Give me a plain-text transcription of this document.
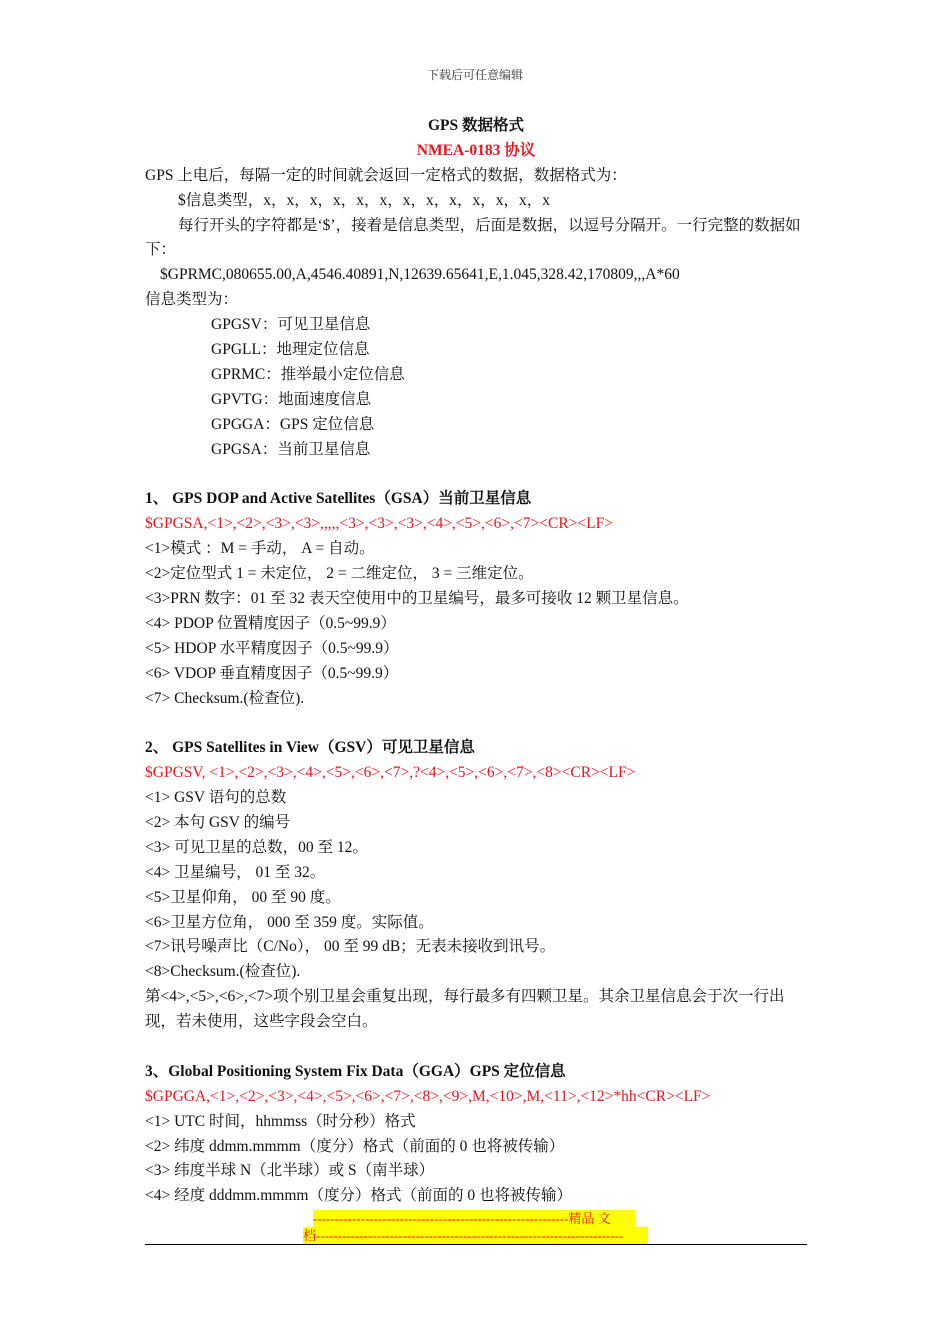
下载后可任意编辑
GPS 数据格式
NMEA-0183 协议
GPS 上电后，每隔一定的时间就会返回一定格式的数据，数据格式为：
$信息类型，x，x，x，x，x，x，x，x，x，x，x，x，x
每行开头的字符都是‘$’，接着是信息类型，后面是数据，以逗号分隔开。一行完整的数据如下：
$GPRMC,080655.00,A,4546.40891,N,12639.65641,E,1.045,328.42,170809,,,A*60
信息类型为：
GPGSV：可见卫星信息
GPGLL：地理定位信息
GPRMC：推举最小定位信息
GPVTG：地面速度信息
GPGGA：GPS 定位信息
GPGSA：当前卫星信息
1、 GPS DOP and Active Satellites（GSA）当前卫星信息
$GPGSA,<1>,<2>,<3>,<3>,,,,,<3>,<3>,<3>,<4>,<5>,<6>,<7><CR><LF>
<1>模式 ：M = 手动， A = 自动。
<2>定位型式 1 = 未定位， 2 = 二维定位， 3 = 三维定位。
<3>PRN 数字：01 至 32 表天空使用中的卫星编号，最多可接收 12 颗卫星信息。
<4> PDOP 位置精度因子（0.5~99.9）
<5> HDOP 水平精度因子（0.5~99.9）
<6> VDOP 垂直精度因子（0.5~99.9）
<7> Checksum.(检查位).
2、 GPS Satellites in View（GSV）可见卫星信息
$GPGSV, <1>,<2>,<3>,<4>,<5>,<6>,<7>,?<4>,<5>,<6>,<7>,<8><CR><LF>
<1> GSV 语句的总数
<2> 本句 GSV 的编号
<3> 可见卫星的总数，00 至 12。
<4> 卫星编号， 01 至 32。
<5>卫星仰角， 00 至 90 度。
<6>卫星方位角， 000 至 359 度。实际值。
<7>讯号噪声比（C/No）， 00 至 99 dB；无表未接收到讯号。
<8>Checksum.(检查位).
第<4>,<5>,<6>,<7>项个别卫星会重复出现，每行最多有四颗卫星。其余卫星信息会于次一行出现，若未使用，这些字段会空白。
3、Global Positioning System Fix Data（GGA）GPS 定位信息
$GPGGA,<1>,<2>,<3>,<4>,<5>,<6>,<7>,<8>,<9>,M,<10>,M,<11>,<12>*hh<CR><LF>
<1> UTC 时间，hhmmss（时分秒）格式
<2> 纬度 ddmm.mmmm（度分）格式（前面的 0 也将被传输）
<3> 纬度半球 N（北半球）或 S（南半球）
<4> 经度 dddmm.mmmm（度分）格式（前面的 0 也将被传输）
-----------------------------------------------------------精品 文
档-----------------------------------------------------------------------
